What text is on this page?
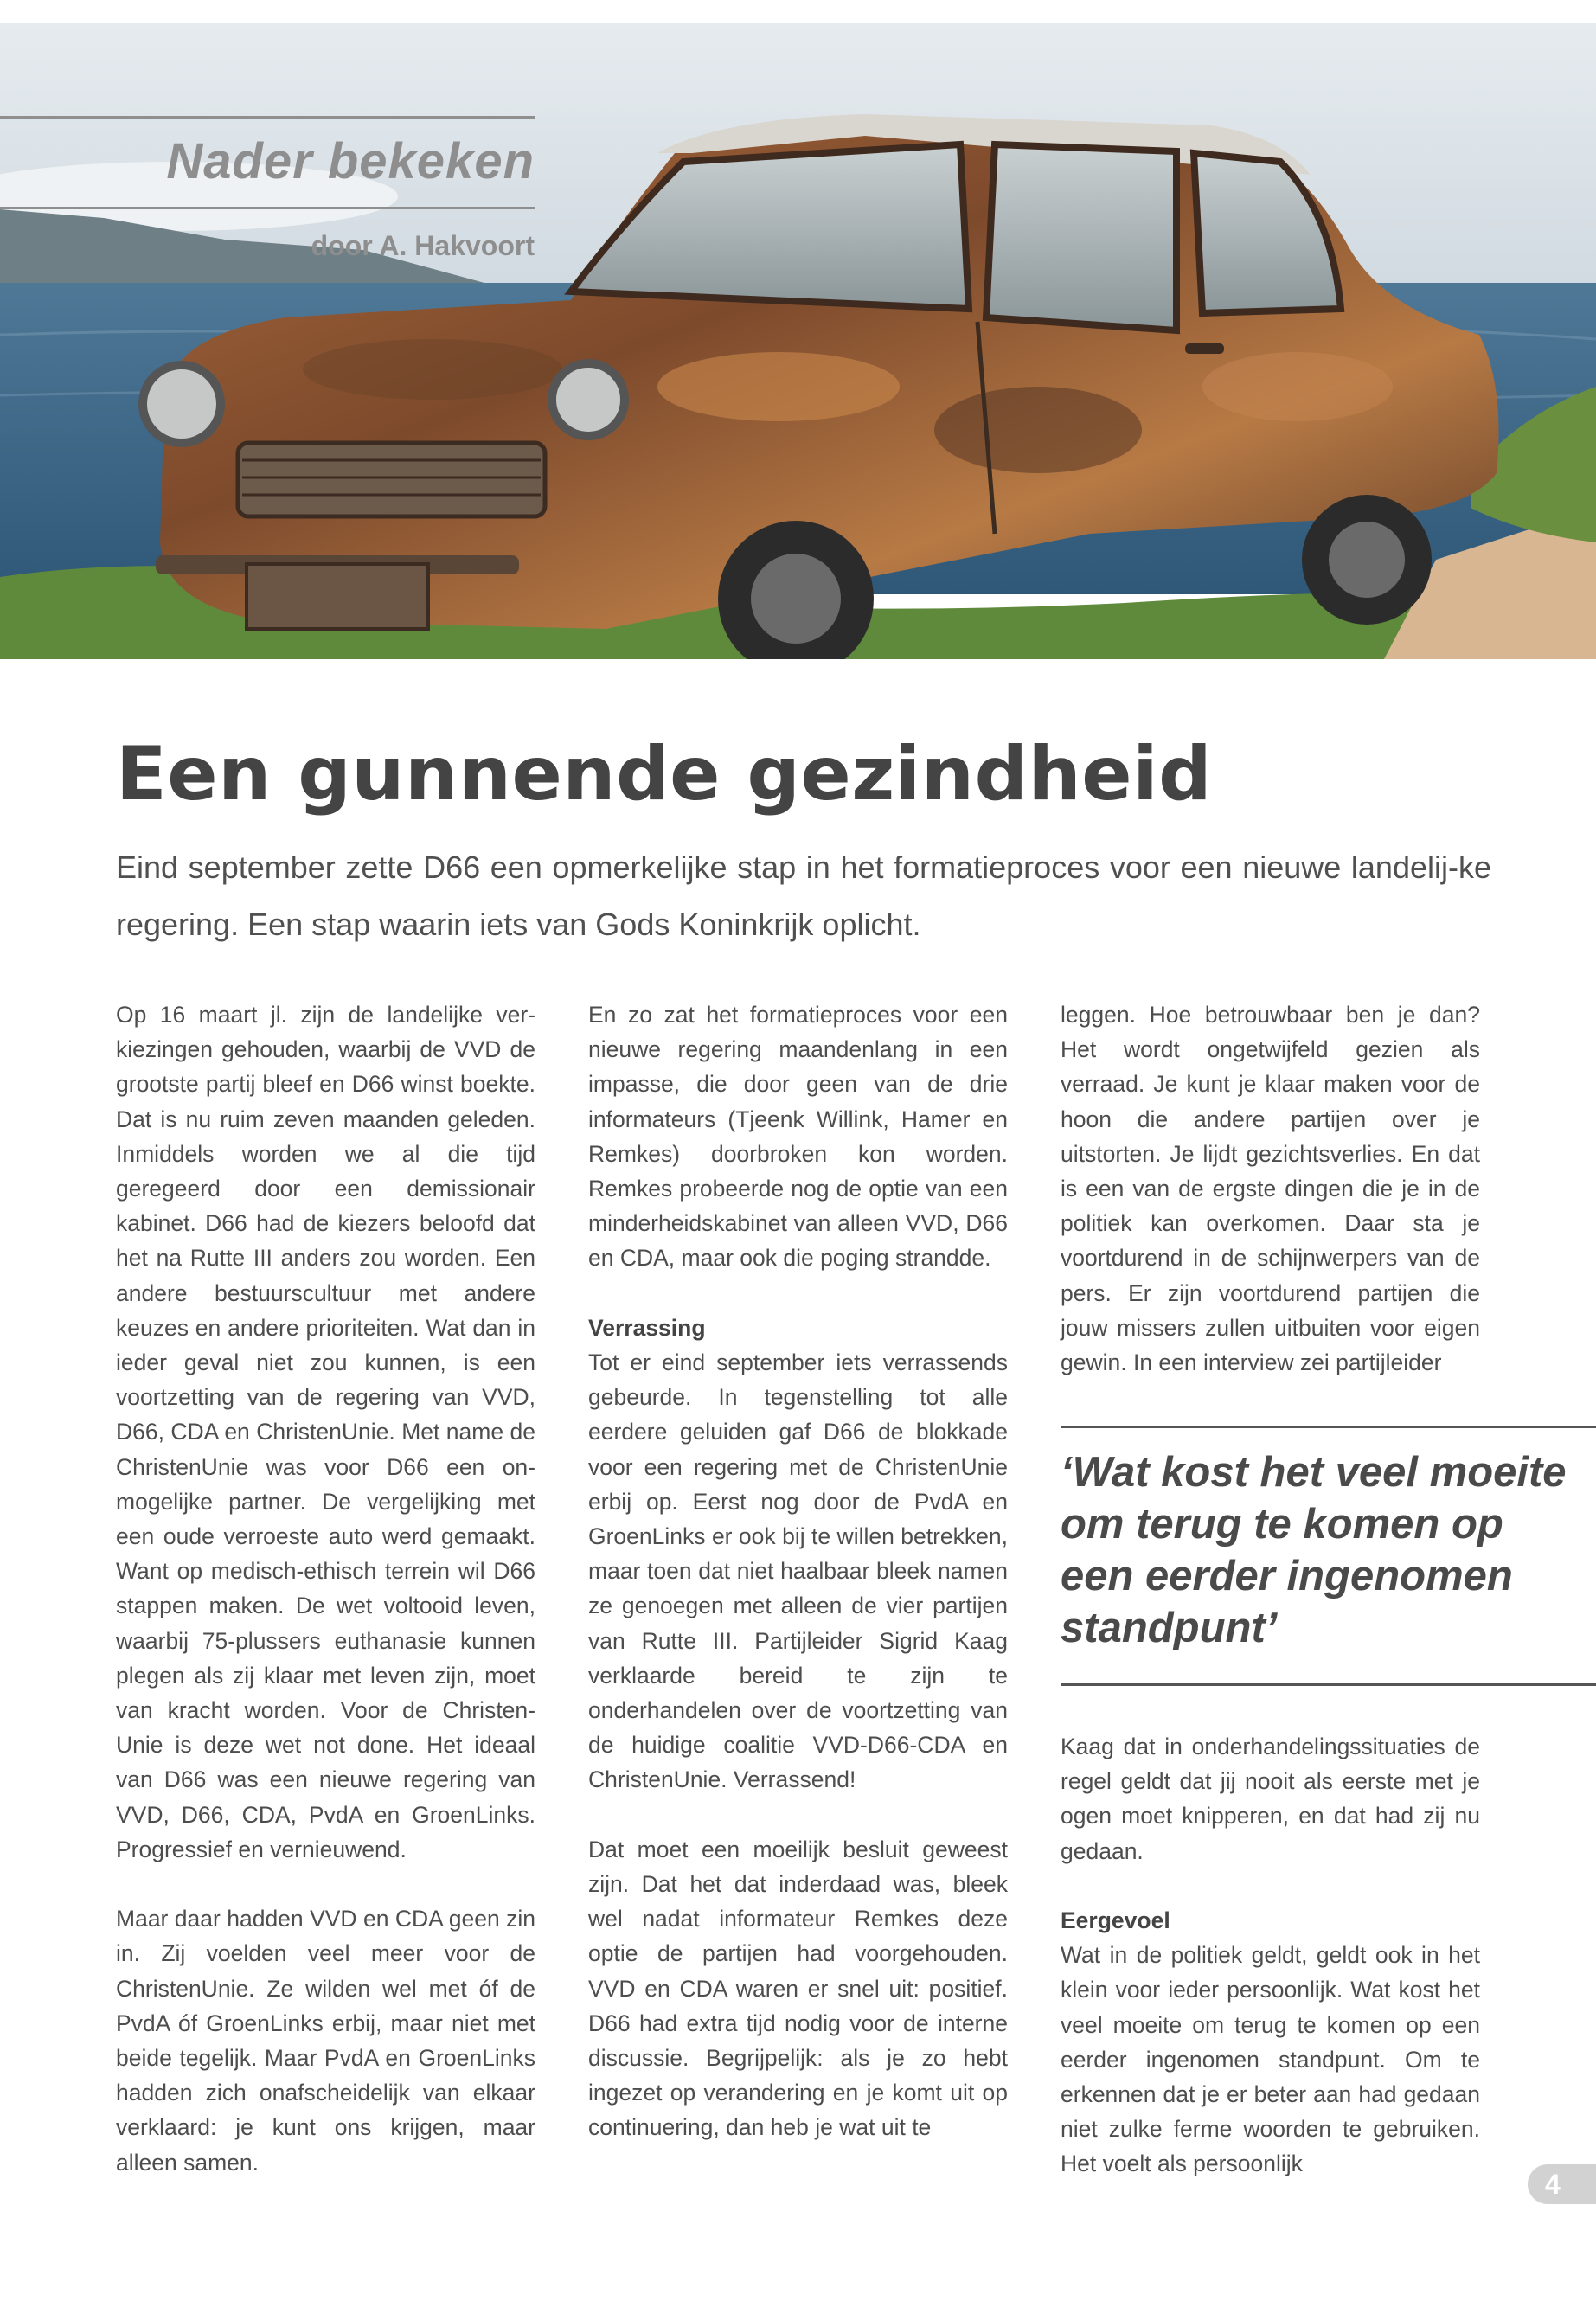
Nader bekeken
door A. Hakvoort
Een gunnende gezindheid

Eind september zette D66 een opmerkelijke stap in het formatieproces voor een nieuwe landelij-ke regering. Een stap waarin iets van Gods Koninkrijk oplicht.

Op 16 maart jl. zijn de landelijke ver-kiezingen gehouden, waarbij de VVD de grootste partij bleef en D66 winst boekte. Dat is nu ruim zeven maanden geleden. Inmiddels worden we al die tijd geregeerd door een demissionair kabinet. D66 had de kiezers beloofd dat het na Rutte III anders zou worden. Een andere bestuurscultuur met andere keuzes en andere prioriteiten. Wat dan in ieder geval niet zou kunnen, is een voortzetting van de regering van VVD, D66, CDA en ChristenUnie. Met name de ChristenUnie was voor D66 een on-mogelijke partner. De vergelijking met een oude verroeste auto werd gemaakt. Want op medisch-ethisch terrein wil D66 stappen maken. De wet voltooid leven, waarbij 75-plussers euthanasie kunnen plegen als zij klaar met leven zijn, moet van kracht worden. Voor de Christen-Unie is deze wet not done. Het ideaal van D66 was een nieuwe regering van VVD, D66, CDA, PvdA en GroenLinks. Progressief en vernieuwend.

Maar daar hadden VVD en CDA geen zin in. Zij voelden veel meer voor de ChristenUnie. Ze wilden wel met óf de PvdA óf GroenLinks erbij, maar niet met beide tegelijk. Maar PvdA en GroenLinks hadden zich onafscheidelijk van elkaar verklaard: je kunt ons krijgen, maar alleen samen.

En zo zat het formatieproces voor een nieuwe regering maandenlang in een impasse, die door geen van de drie informateurs (Tjeenk Willink, Hamer en Remkes) doorbroken kon worden. Remkes probeerde nog de optie van een minderheidskabinet van alleen VVD, D66 en CDA, maar ook die poging strandde.

Verrassing

Tot er eind september iets verrassends gebeurde. In tegenstelling tot alle eerdere geluiden gaf D66 de blokkade voor een regering met de ChristenUnie erbij op. Eerst nog door de PvdA en GroenLinks er ook bij te willen betrekken, maar toen dat niet haalbaar bleek namen ze genoegen met alleen de vier partijen van Rutte III. Partijleider Sigrid Kaag verklaarde bereid te zijn te onderhandelen over de voortzetting van de huidige coalitie VVD-D66-CDA en ChristenUnie. Verrassend!

Dat moet een moeilijk besluit geweest zijn. Dat het dat inderdaad was, bleek wel nadat informateur Remkes deze optie de partijen had voorgehouden. VVD en CDA waren er snel uit: positief. D66 had extra tijd nodig voor de interne discussie. Begrijpelijk: als je zo hebt ingezet op verandering en je komt uit op continuering, dan heb je wat uit te

leggen. Hoe betrouwbaar ben je dan? Het wordt ongetwijfeld gezien als verraad. Je kunt je klaar maken voor de hoon die andere partijen over je uitstorten. Je lijdt gezichtsverlies. En dat is een van de ergste dingen die je in de politiek kan overkomen. Daar sta je voortdurend in de schijnwerpers van de pers. Er zijn voortdurend partijen die jouw missers zullen uitbuiten voor eigen gewin. In een interview zei partijleider

‘Wat kost het veel moeite om terug te komen op een eerder ingenomen standpunt’

Kaag dat in onderhandelingssituaties de regel geldt dat jij nooit als eerste met je ogen moet knipperen, en dat had zij nu gedaan.

Eergevoel

Wat in de politiek geldt, geldt ook in het klein voor ieder persoonlijk. Wat kost het veel moeite om terug te komen op een eerder ingenomen standpunt. Om te erkennen dat je er beter aan had gedaan niet zulke ferme woorden te gebruiken. Het voelt als persoonlijk

4
